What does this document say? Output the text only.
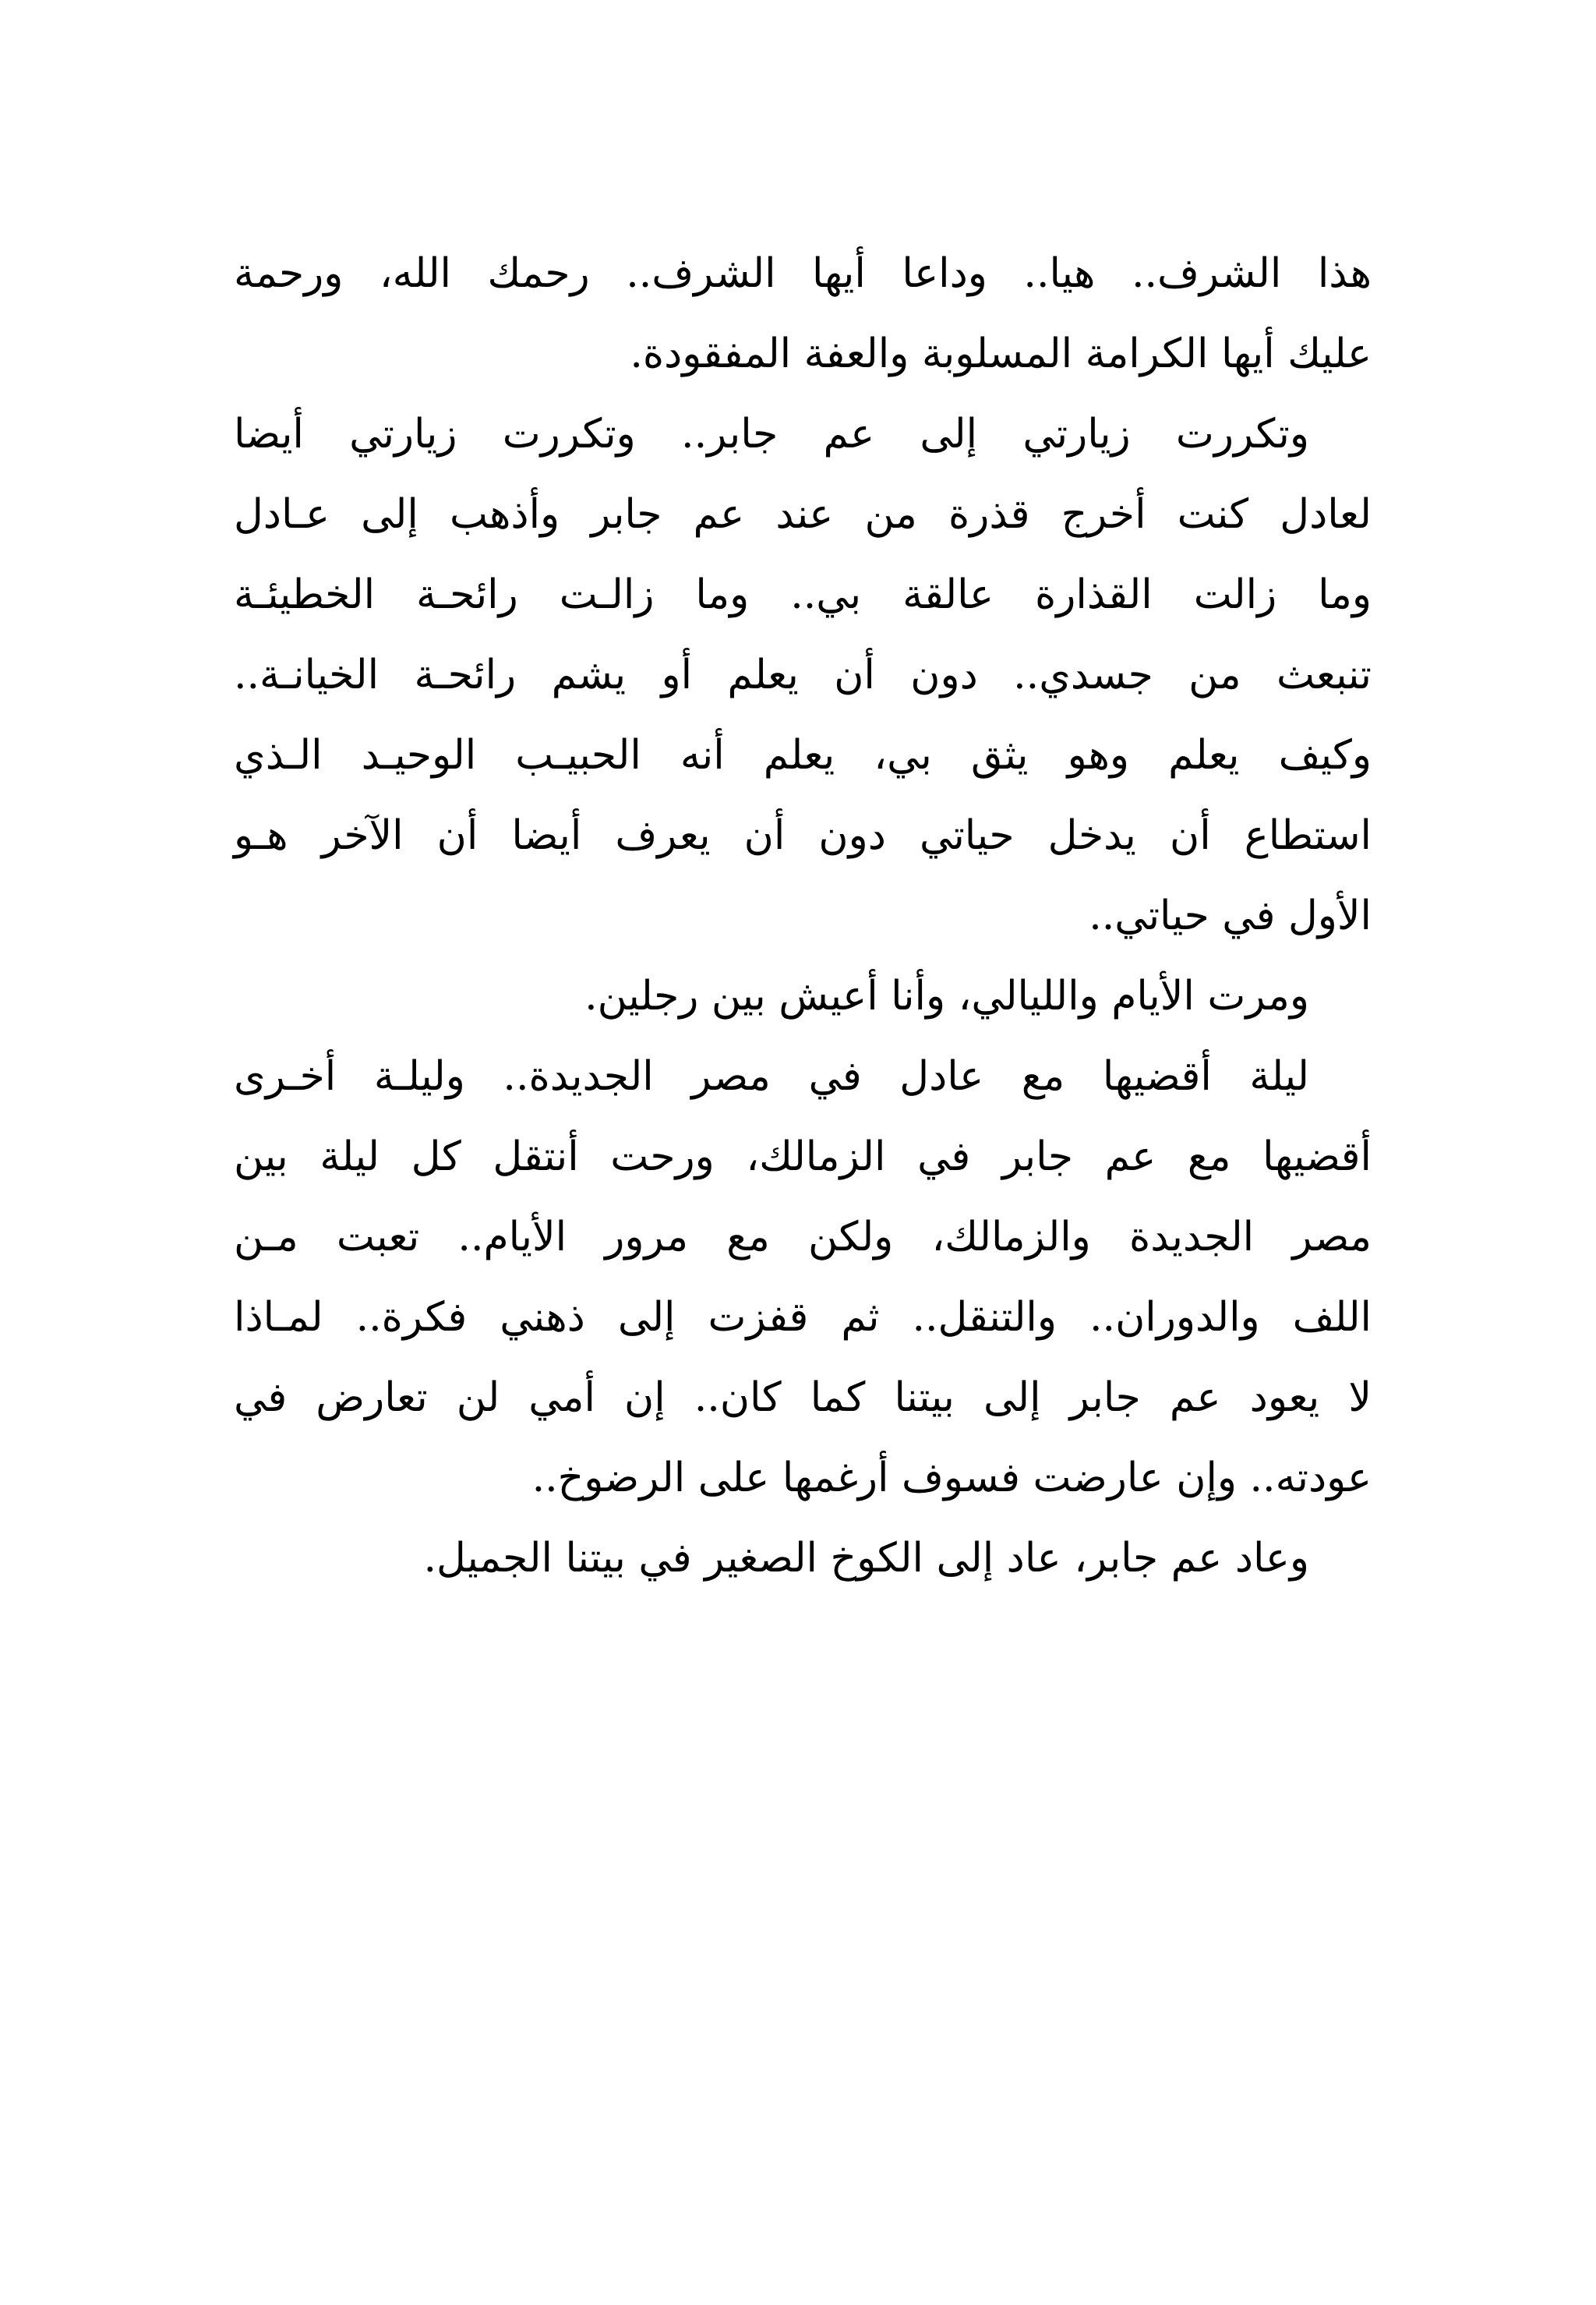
هذا الشرف.. هيا.. وداعا أيها الشرف.. رحمك الله، ورحمة
عليك أيها الكرامة المسلوبة والعفة المفقودة.
وتكررت زيارتي إلى عم جابر.. وتكررت زيارتي أيضا
لعادل كنت أخرج قذرة من عند عم جابر وأذهب إلى عـادل
وما زالت القذارة عالقة بي.. وما زالـت رائحـة الخطيئـة
تنبعث من جسدي.. دون أن يعلم أو يشم رائحـة الخيانـة..
وكيف يعلم وهو يثق بي، يعلم أنه الحبيـب الوحيـد الـذي
استطاع أن يدخل حياتي دون أن يعرف أيضا أن الآخر هـو
الأول في حياتي..
ومرت الأيام والليالي، وأنا أعيش بين رجلين.
ليلة أقضيها مع عادل في مصر الجديدة.. وليلـة أخـرى
أقضيها مع عم جابر في الزمالك، ورحت أنتقل كل ليلة بين
مصر الجديدة والزمالك، ولكن مع مرور الأيام.. تعبت مـن
اللف والدوران.. والتنقل.. ثم قفزت إلى ذهني فكرة.. لمـاذا
لا يعود عم جابر إلى بيتنا كما كان.. إن أمي لن تعارض في
عودته.. وإن عارضت فسوف أرغمها على الرضوخ..
وعاد عم جابر، عاد إلى الكوخ الصغير في بيتنا الجميل.
